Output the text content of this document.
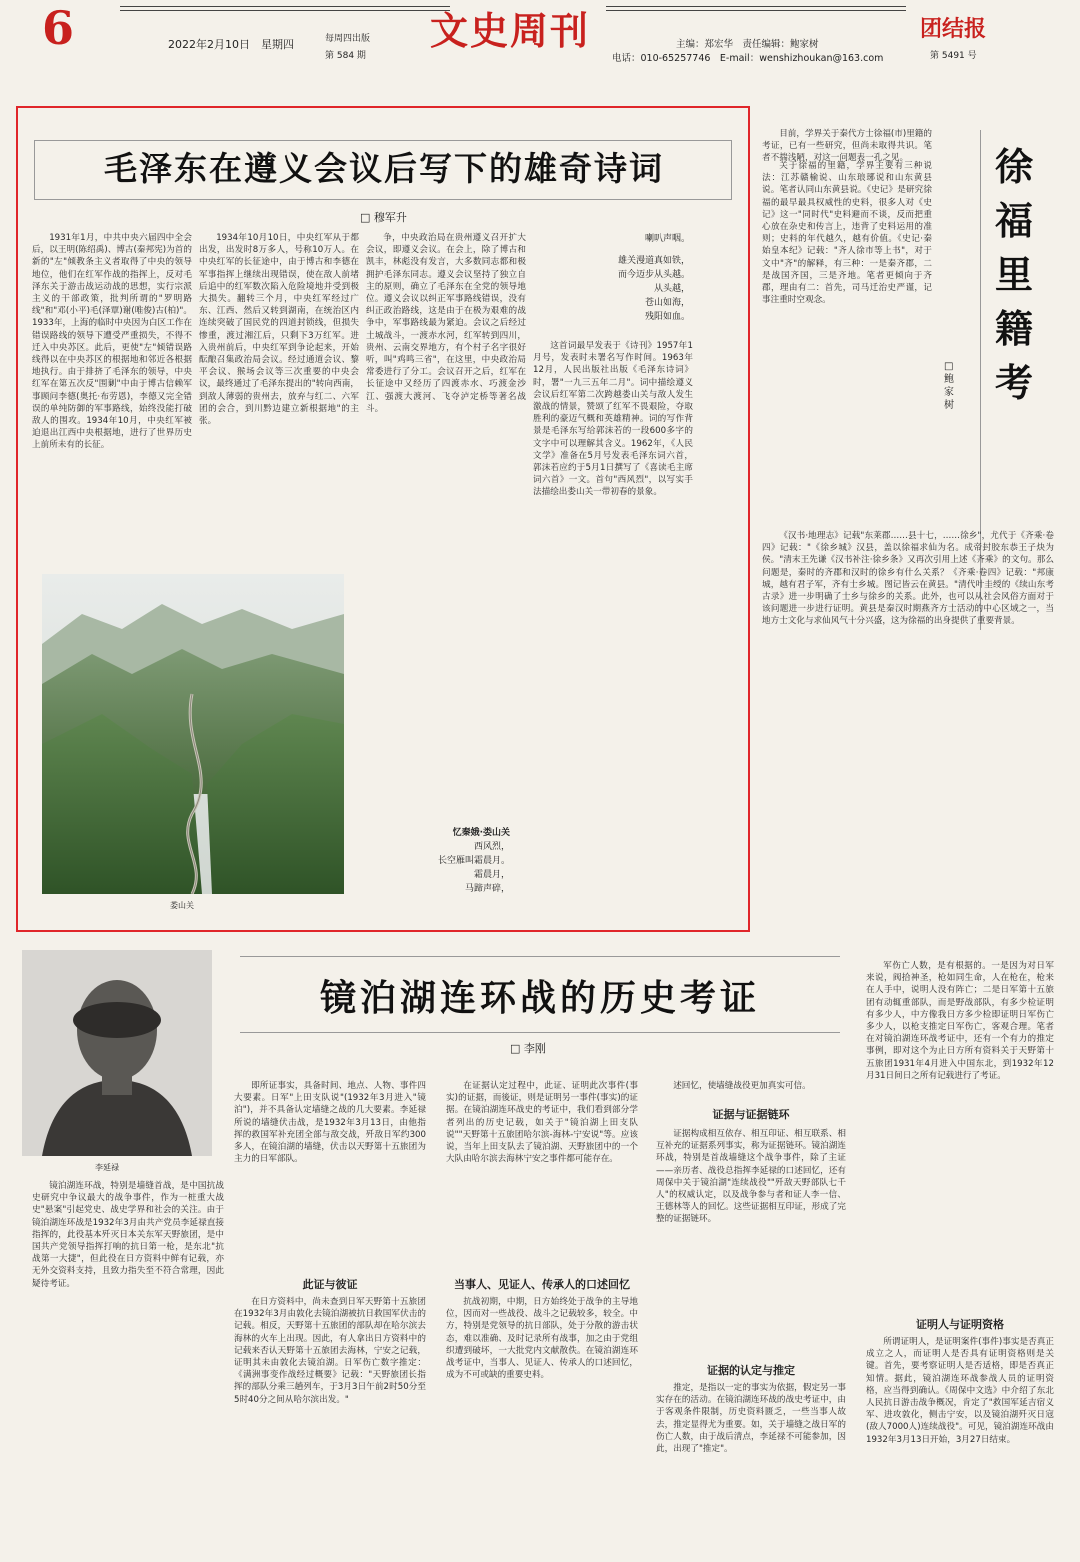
6	2022年2月10日　星期四	每周四出版
第 584 期
文史周刊	主编：郑宏华　责任编辑：鲍家树
电话：010-65257746　E-mail：wenshizhoukan@163.com
团结报
第 5491 号
毛泽东在遵义会议后写下的雄奇诗词
□ 穆军升
1931年1月，中共中央六届四中全会后，以王明(陈绍禹)、博古(秦邦宪)为首的新的"左"倾教条主义者取得了中央的领导地位，他们在红军作战的指挥上，反对毛泽东关于游击战运动战的思想，实行宗派主义的干部政策，批判所谓的"罗明路线"和"邓(小平)毛(泽覃)谢(唯俊)古(柏)"。1933年，上海的临时中央因为白区工作在错误路线的领导下遭受严重损失，不得不迁入中央苏区。此后，更使"左"倾错误路线得以在中央苏区的根据地和邻近各根据地执行。由于排挤了毛泽东的领导，中央红军在第五次反"围剿"中由于博古信赖军事顾问李德(奥托·布劳恩)，李德又完全错误的单纯防御的军事路线，始终没能打破敌人的围攻。1934年10月，中央红军被迫退出江西中央根据地，进行了世界历史上前所未有的长征。
1934年10月10日，中央红军从于都出发，出发时8万多人，号称10万人。在中央红军的长征途中，由于博古和李德在军事指挥上继续出现错误，使在敌人前堵后追中的红军数次陷入危险境地并受到极大损失。翻转三个月，中央红军经过广东、江西、然后又转到湖南，在统治区内连续突破了国民党的四道封锁线，但损失惨重，渡过湘江后，只剩下3万红军。进入贵州前后，中央红军到争论起来，开始酝酿召集政治局会议。经过通道会议、黎平会议、猴场会议等三次重要的中央会议，最终通过了毛泽东提出的"转向西南，到敌人薄弱的贵州去，放弃与红二、六军团的会合，到川黔边建立新根据地"的主张。
争，中央政治局在贵州遵义召开扩大会议，即遵义会议。在会上，除了博古和凯丰，林彪没有发言，大多数同志都和极拥护毛泽东同志。遵义会议坚持了独立自主的原则，确立了毛泽东在全党的领导地位。遵义会议以纠正军事路线错误，没有纠正政治路线，这是由于在极为艰难的战争中，军事路线最为紧迫。会议之后经过土城战斗，一渡赤水河，红军转到四川，贵州、云南交界地方，有个村子名字很好听，叫"鸡鸣三省"，在这里，中央政治局常委进行了分工。会议召开之后，红军在长征途中又经历了四渡赤水、巧渡金沙江、强渡大渡河、飞夺泸定桥等著名战斗。
喇叭声咽。
雄关漫道真如铁，
而今迈步从头越。
从头越，
苍山如海，
残阳如血。
这首词最早发表于《诗刊》1957年1月号，发表时未署名写作时间。1963年12月，人民出版社出版《毛泽东诗词》时，署"一九三五年二月"。词中描绘遵义会议后红军第二次跨越娄山关与敌人发生激战的情景，赞颂了红军不畏艰险，夺取胜利的豪迈气概和英雄精神。词的写作背景是毛泽东写给郭沫若的一段600多字的文字中可以理解其含义。1962年，《人民文学》准备在5月号发表毛泽东词六首，郭沫若应约于5月1日撰写了《喜读毛主席词六首》一文。首句"西风烈"，以写实手法描绘出娄山关一带初春的景象。
忆秦娥·娄山关
西风烈，
长空雁叫霜晨月。
霜晨月，
马蹄声碎，
娄山关
徐福里籍考
□ 鲍家树
目前，学界关于秦代方士徐福(市)里籍的考证，已有一些研究，但尚未取得共识。笔者不揣浅陋，对这一问题表一孔之见。
关于徐福的里籍，学界主要有三种说法：江苏赣榆说、山东琅琊说和山东黄县说。笔者认同山东黄县说。《史记》是研究徐福的最早最具权威性的史料，很多人对《史记》这一"同时代"史料避而不谈，反而把重心放在杂史和传言上，违背了史料运用的准则；史料的年代越久，越有价值。《史记·秦始皇本纪》记载："齐人徐市等上书"，对于文中"齐"的解释，有三种：一是秦齐郡，二是战国齐国，三是齐地。笔者更倾向于齐郡，理由有二：首先，司马迁治史严谨，记事注重时空观念。
《汉书·地理志》记载"东莱郡……县十七，……徐乡"，尤代于《齐乘·卷四》记载："《徐乡城》汉县，盖以徐福求仙为名。成帝封胶东恭王子炔为侯。"清末王先谦《汉书补注·徐乡条》又再次引用上述《齐乘》的文句。那么问题是，秦时的齐郡和汉时的徐乡有什么关系？《齐乘·卷四》记载："邦康城，越有君子军，齐有士乡城。图记皆云在黄县。"清代叶圭绶的《续山东考古录》进一步明确了士乡与徐乡的关系。此外，也可以从社会风俗方面对于该问题进一步进行证明。黄县是秦汉时期燕齐方士活动的中心区域之一，当地方士文化与求仙风气十分兴盛，这为徐福的出身提供了重要背景。
李延禄
镜泊湖连环战的历史考证
□ 李刚
镜泊湖连环战，特别是墙缝首战，是中国抗战史研究中争议最大的战争事件，作为一桩重大战史"悬案"引起党史、战史学界和社会的关注。由于镜泊湖连环战是1932年3月由共产党员李延禄直接指挥的，此役基本歼灭日本关东军天野旅团，是中国共产党领导指挥打响的抗日第一枪，是东北"抗战第一大捷"，但此役在日方资料中鲜有记载，亦无外交资料支持，且致力指失至不符合常理，因此疑待考证。
即所证事实，具备时间、地点、人物、事件四大要素。日军"上田支队说"(1932年3月进入"镜泊")，并不具备认定墙缝之战的几大要素。李延禄所说的墙缝伏击战，是1932年3月13日，由他指挥的救国军补充团全部与敌交战，歼敌日军约300多人，在镜泊湖的墙缝，伏击以天野第十五旅团为主力的日军部队。
在证据认定过程中，此证、证明此次事件(事实)的证据，而後证，则是证明另一事件(事实)的证据。在镜泊湖连环战史的考证中，我们看到部分学者列出的历史记载，如关于"镜泊湖上田支队说""天野第十五旅团哈尔滨-海林-宁安说"等。应该说，当年上田支队去了镜泊湖、天野旅团中的一个大队由哈尔滨去海林宁安之事件都可能存在。
述回忆，使墙缝战役更加真实可信。
军伤亡人数，是有根据的。一是因为对日军来说，阀拾神圣，枪如同生命，人在枪在，枪来在人手中，说明人没有阵亡；二是日军第十五旅团有动辄重部队，而是野战部队，有多少检证明有多少人，中方像我日方多少检即证明日军伤亡多少人，以枪支推定日军伤亡，客观合理。笔者在对镜泊湖连环战考证中，还有一个有力的推定事例，即对这个为止日方所有资料关于天野第十五旅团1931年4月进入中国东北，到1932年12月31日间日之所有记载进行了考证。
此证与彼证
在日方资料中，尚未查到日军天野第十五旅团在1932年3月由敦化去镜泊湖被抗日救国军伏击的记载。相反，天野第十五旅团的部队却在哈尔滨去海林的火车上出现。因此，有人拿出日方资料中的记载来否认天野第十五旅团去海林，宁安之记载，证明其未由敦化去镜泊湖。日军伤亡数字推定：《满洲事变作战经过概要》记载："天野旅团长指挥的部队分乘三趟列车，于3月3日午前2时50分至5时40分之间从哈尔滨出发。"
证据与证据链环
证据构成相互依存、相互印证、相互联系、相互补充的证据系列事实，称为证据链环。镜泊湖连环战，特别是首战墙缝这个战争事件，除了主证——亲历者、战役总指挥李延禄的口述回忆，还有周保中关于镜泊湖"连续战役""歼敌天野部队七千人"的权威认定，以及战争参与者和证人李一信、王德林等人的回忆。这些证据相互印证，形成了完整的证据链环。
当事人、见证人、传承人的口述回忆
抗战初期，中期，日方始终处于战争的主导地位，因而对一些战役、战斗之记载较多，较全。中方，特别是党领导的抗日部队，处于分散的游击状态，难以准确、及时记录所有战事，加之由于党组织遭到破坏，一大批党内文献散佚。在镜泊湖连环战考证中，当事人、见证人、传承人的口述回忆，成为不可或缺的重要史料。	证据的认定与推定
推定，是指以一定的事实为依据，假定另一事实存在的活动。在镜泊湖连环战的战史考证中，由于客观条件限制，历史资料匮乏，一些当事人故去，推定显得尤为重要。如，关于墙缝之战日军的伤亡人数，由于战后清点，李延禄不可能参加，因此，出现了"推定"。
证明人与证明资格
所谓证明人，是证明案件(事件)事实是否真正成立之人，而证明人是否具有证明资格则是关键。首先，要考察证明人是否适格，即是否真正知情。据此，镜泊湖连环战参战人员的证明资格，应当得到确认。《周保中文选》中介绍了东北人民抗日游击战争概况，肯定了"救国军延吉宿义军、进攻敦化，侧击宁安，以及镜泊湖歼灭日寇(敌人7000人)连续战役"。可见，镜泊湖连环战由1932年3月13日开始，3月27日结束。
